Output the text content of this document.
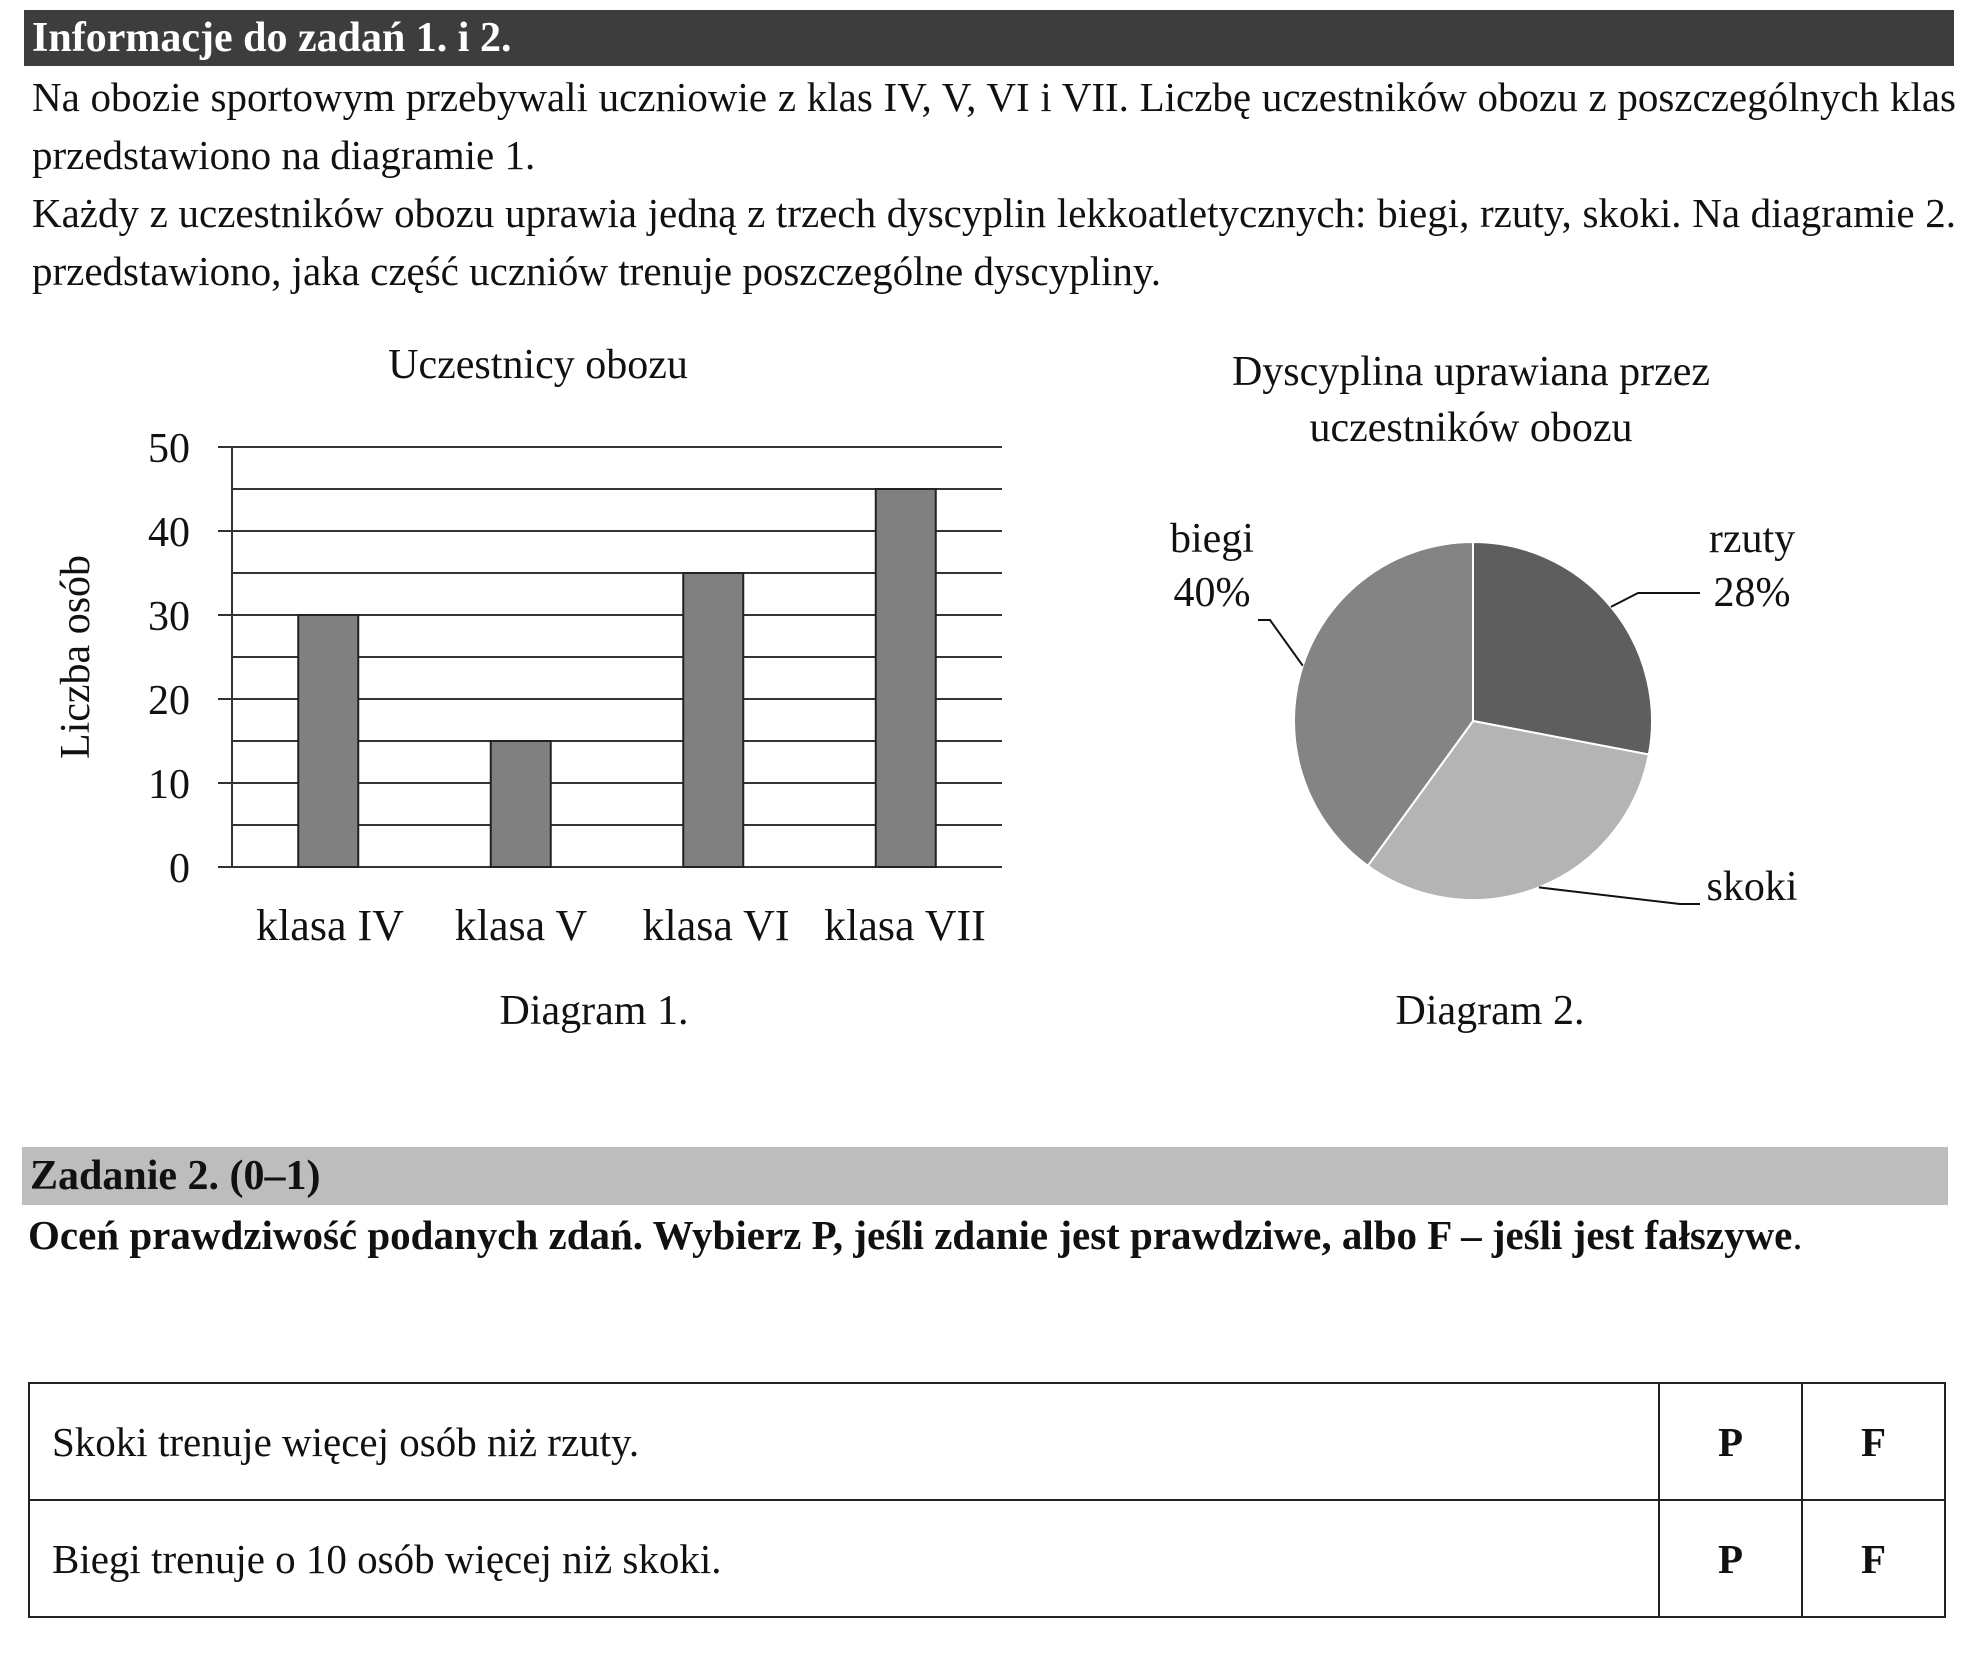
Informacje do zadań 1. i 2.

Na obozie sportowym przebywali uczniowie z klas IV, V, VI i VII. Liczbę uczestników obozu z poszczególnych klas przedstawiono na diagramie 1.

Każdy z uczestników obozu uprawia jedną z trzech dyscyplin lekkoatletycznych: biegi, rzuty, skoki. Na diagramie 2. przedstawiono, jaka część uczniów trenuje poszczególne dyscypliny.

Uczestnicy obozu
0
10
20
30
40
50
Liczba osób
klasa IV klasa V klasa VI klasa VII
Diagram 1.
Dyscyplina uprawiana przez
uczestników obozu
rzuty
28%
skoki
biegi
40%
Diagram 2.
Zadanie 2. (0–1)
Oceń prawdziwość podanych zdań. Wybierz P, jeśli zdanie jest prawdziwe, albo F – jeśli jest fałszywe.
Skoki trenuje więcej osób niż rzuty.	P	F
Biegi trenuje o 10 osób więcej niż skoki.	P	F
